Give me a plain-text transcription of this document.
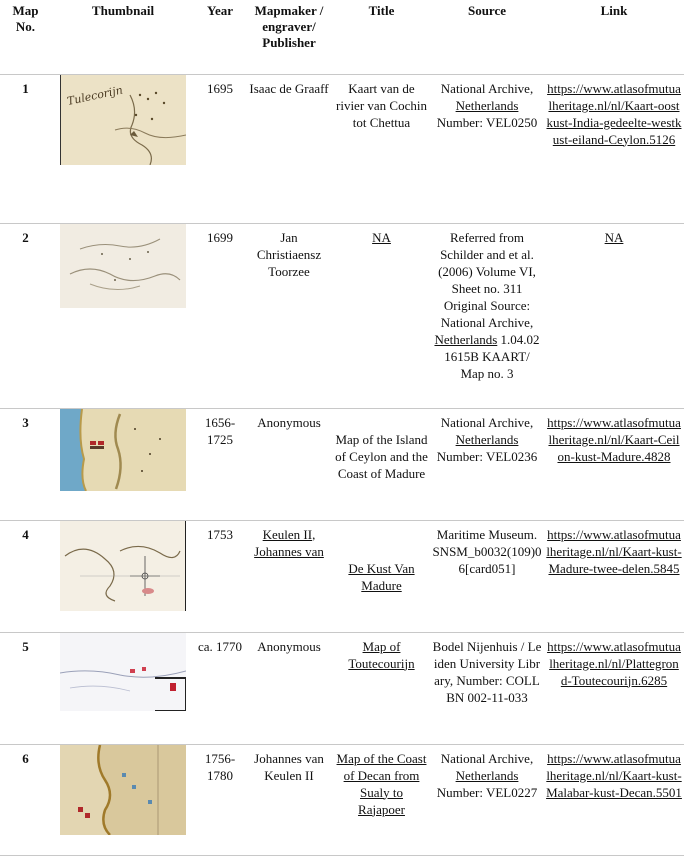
Map No.	Thumbnail	Year	Mapmaker / engraver/ Publisher	Title	Source	Link
1	Tulecorijn	1695	Isaac de Graaff	Kaart van de rivier van Cochin tot Chettua	National Archive, Netherlands Number: VEL0250	https://www.atlasofmutualheritage.nl/nl/Kaart-oostkust-India-gedeelte-westkust-eiland-Ceylon.5126
2		1699	Jan Christiaensz Toorzee	NA	Referred from Schilder and et al. (2006) Volume VI, Sheet no. 311 Original Source: National Archive, Netherlands 1.04.02 1615B KAART/ Map no. 3	NA
3		1656-1725	Anonymous	Map of the Island of Ceylon and the Coast of Madure	National Archive, Netherlands Number: VEL0236	https://www.atlasofmutualheritage.nl/nl/Kaart-Ceilon-kust-Madure.4828
4		1753	Keulen II, Johannes van	De Kust Van Madure	Maritime Museum. SNSM_b0032(109)06[card051]	https://www.atlasofmutualheritage.nl/nl/Kaart-kust-Madure-twee-delen.5845
5		ca. 1770	Anonymous	Map of Toutecourijn	Bodel Nijenhuis / Leiden University Library, Number: COLLBN 002-11-033	https://www.atlasofmutualheritage.nl/nl/Plattegrond-Toutecourijn.6285
6		1756-1780	Johannes van Keulen II	Map of the Coast of Decan from Sualy to Rajapoer	National Archive, Netherlands Number: VEL0227	https://www.atlasofmutualheritage.nl/nl/Kaart-kust-Malabar-kust-Decan.5501
